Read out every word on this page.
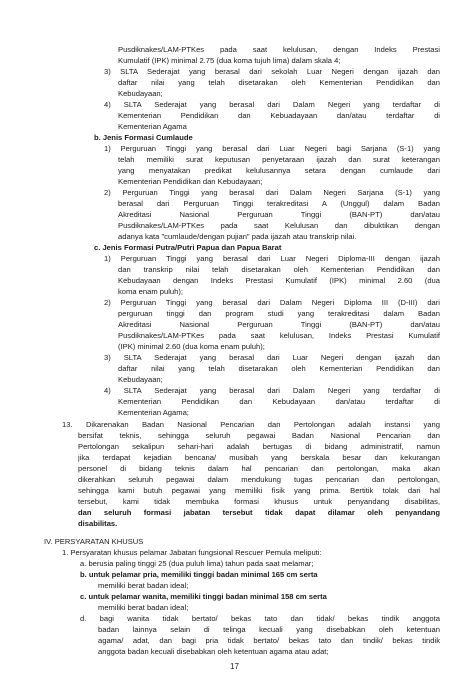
Pusdiknakes/LAM-PTKes pada saat kelulusan, dengan Indeks Prestasi
Kumulatif (IPK) minimal 2.75 (dua koma tujuh lima) dalam skala 4;
3) SLTA Sederajat yang berasal dari sekolah Luar Negeri dengan ijazah dan
daftar nilai yang telah disetarakan oleh Kementerian Pendidikan dan
Kebudayaan;
4) SLTA Sederajat yang berasal dari Dalam Negeri yang terdaftar di
Kementerian Pendidikan dan Kebuadayaan dan/atau terdaftar di
Kementerian Agama
b. Jenis Formasi Cumlaude
1) Perguruan Tinggi yang berasal dari Luar Negeri bagi Sarjana (S-1) yang
telah memiliki surat keputusan penyetaraan ijazah dan surat keterangan
yang menyatakan predikat kelulusannya setara dengan cumlaude dari
Kementerian Pendidikan dan Kebudayaan;
2) Perguruan Tinggi yang berasal dari Dalam Negeri Sarjana (S-1) yang
berasal dari Perguruan Tinggi terakreditasi A (Unggul) dalam Badan
Akreditasi Nasional Perguruan Tinggi (BAN-PT) dan/atau
Pusdiknakes/LAM-PTKes pada saat Kelulusan dan dibuktikan dengan
adanya kata "cumlaude/dengan pujian" pada ijazah atau transkrip nilai.
c. Jenis Formasi Putra/Putri Papua dan Papua Barat
1) Perguruan Tinggi yang berasal dari Luar Negeri Diploma-III dengan ijazah
dan transkrip nilai telah disetarakan oleh Kementerian Pendidikan dan
Kebudayaan dengan Indeks Prestasi Kumulatif (IPK) minimal 2.60 (dua
koma enam puluh);
2) Perguruan Tinggi yang berasal dari Dalam Negeri Diploma III (D-III) dari
perguruan tinggi dan program studi yang terakreditasi dalam Badan
Akreditasi Nasional Perguruan Tinggi (BAN-PT) dan/atau
Pusdiknakes/LAM-PTKes pada saat kelulusan, Indeks Prestasi Kumulatif
(IPK) minimal 2.60 (dua koma enam puluh);
3) SLTA Sederajat yang berasal dari Luar Negeri dengan ijazah dan
daftar nilai yang telah disetarakan oleh Kementerian Pendidikan dan
Kebudayaan;
4) SLTA Sederajat yang berasal dari Dalam Negeri yang terdaftar di
Kementerian Pendidikan dan Kebudayaan dan/atau terdaftar di
Kementerian Agama;
13. Dikarenakan Badan Nasional Pencarian dan Pertolongan adalah instansi yang
bersifat teknis, sehingga seluruh pegawai Badan Nasional Pencarian dan
Pertolongan sekalipun sehari-hari adalah bertugas di bidang administratif, namun
jika terdapat kejadian bencana/ musibah yang berskala besar dan kekurangan
personel di bidang teknis dalam hal pencarian dan pertolongan, maka akan
dikerahkan seluruh pegawai dalam mendukung tugas pencarian dan pertolongan,
sehingga kami butuh pegawai yang memiliki fisik yang prima. Bertitik tolak dari hal
tersebut, kami tidak membuka formasi khusus untuk penyandang disabilitas,
dan seluruh formasi jabatan tersebut tidak dapat dilamar oleh penyandang
disabilitas.
IV. PERSYARATAN KHUSUS
1. Persyaratan khusus pelamar Jabatan fungsional Rescuer Pemula meliputi:
a. berusia paling tinggi 25 (dua puluh lima) tahun pada saat melamar;
b. untuk pelamar pria, memiliki tinggi badan minimal 165 cm serta
memiliki berat badan ideal;
c. untuk pelamar wanita, memiliki tinggi badan minimal 158 cm serta
memiliki berat badan ideal;
d. bagi wanita tidak bertato/ bekas tato dan tidak/ bekas tindik anggota
badan lainnya selain di telinga kecuali yang disebabkan oleh ketentuan
agama/ adat, dan bagi pria tidak bertato/ bekas tato dan tindik/ bekas tindik
anggota badan kecuali disebabkan oleh ketentuan agama atau adat;
17
